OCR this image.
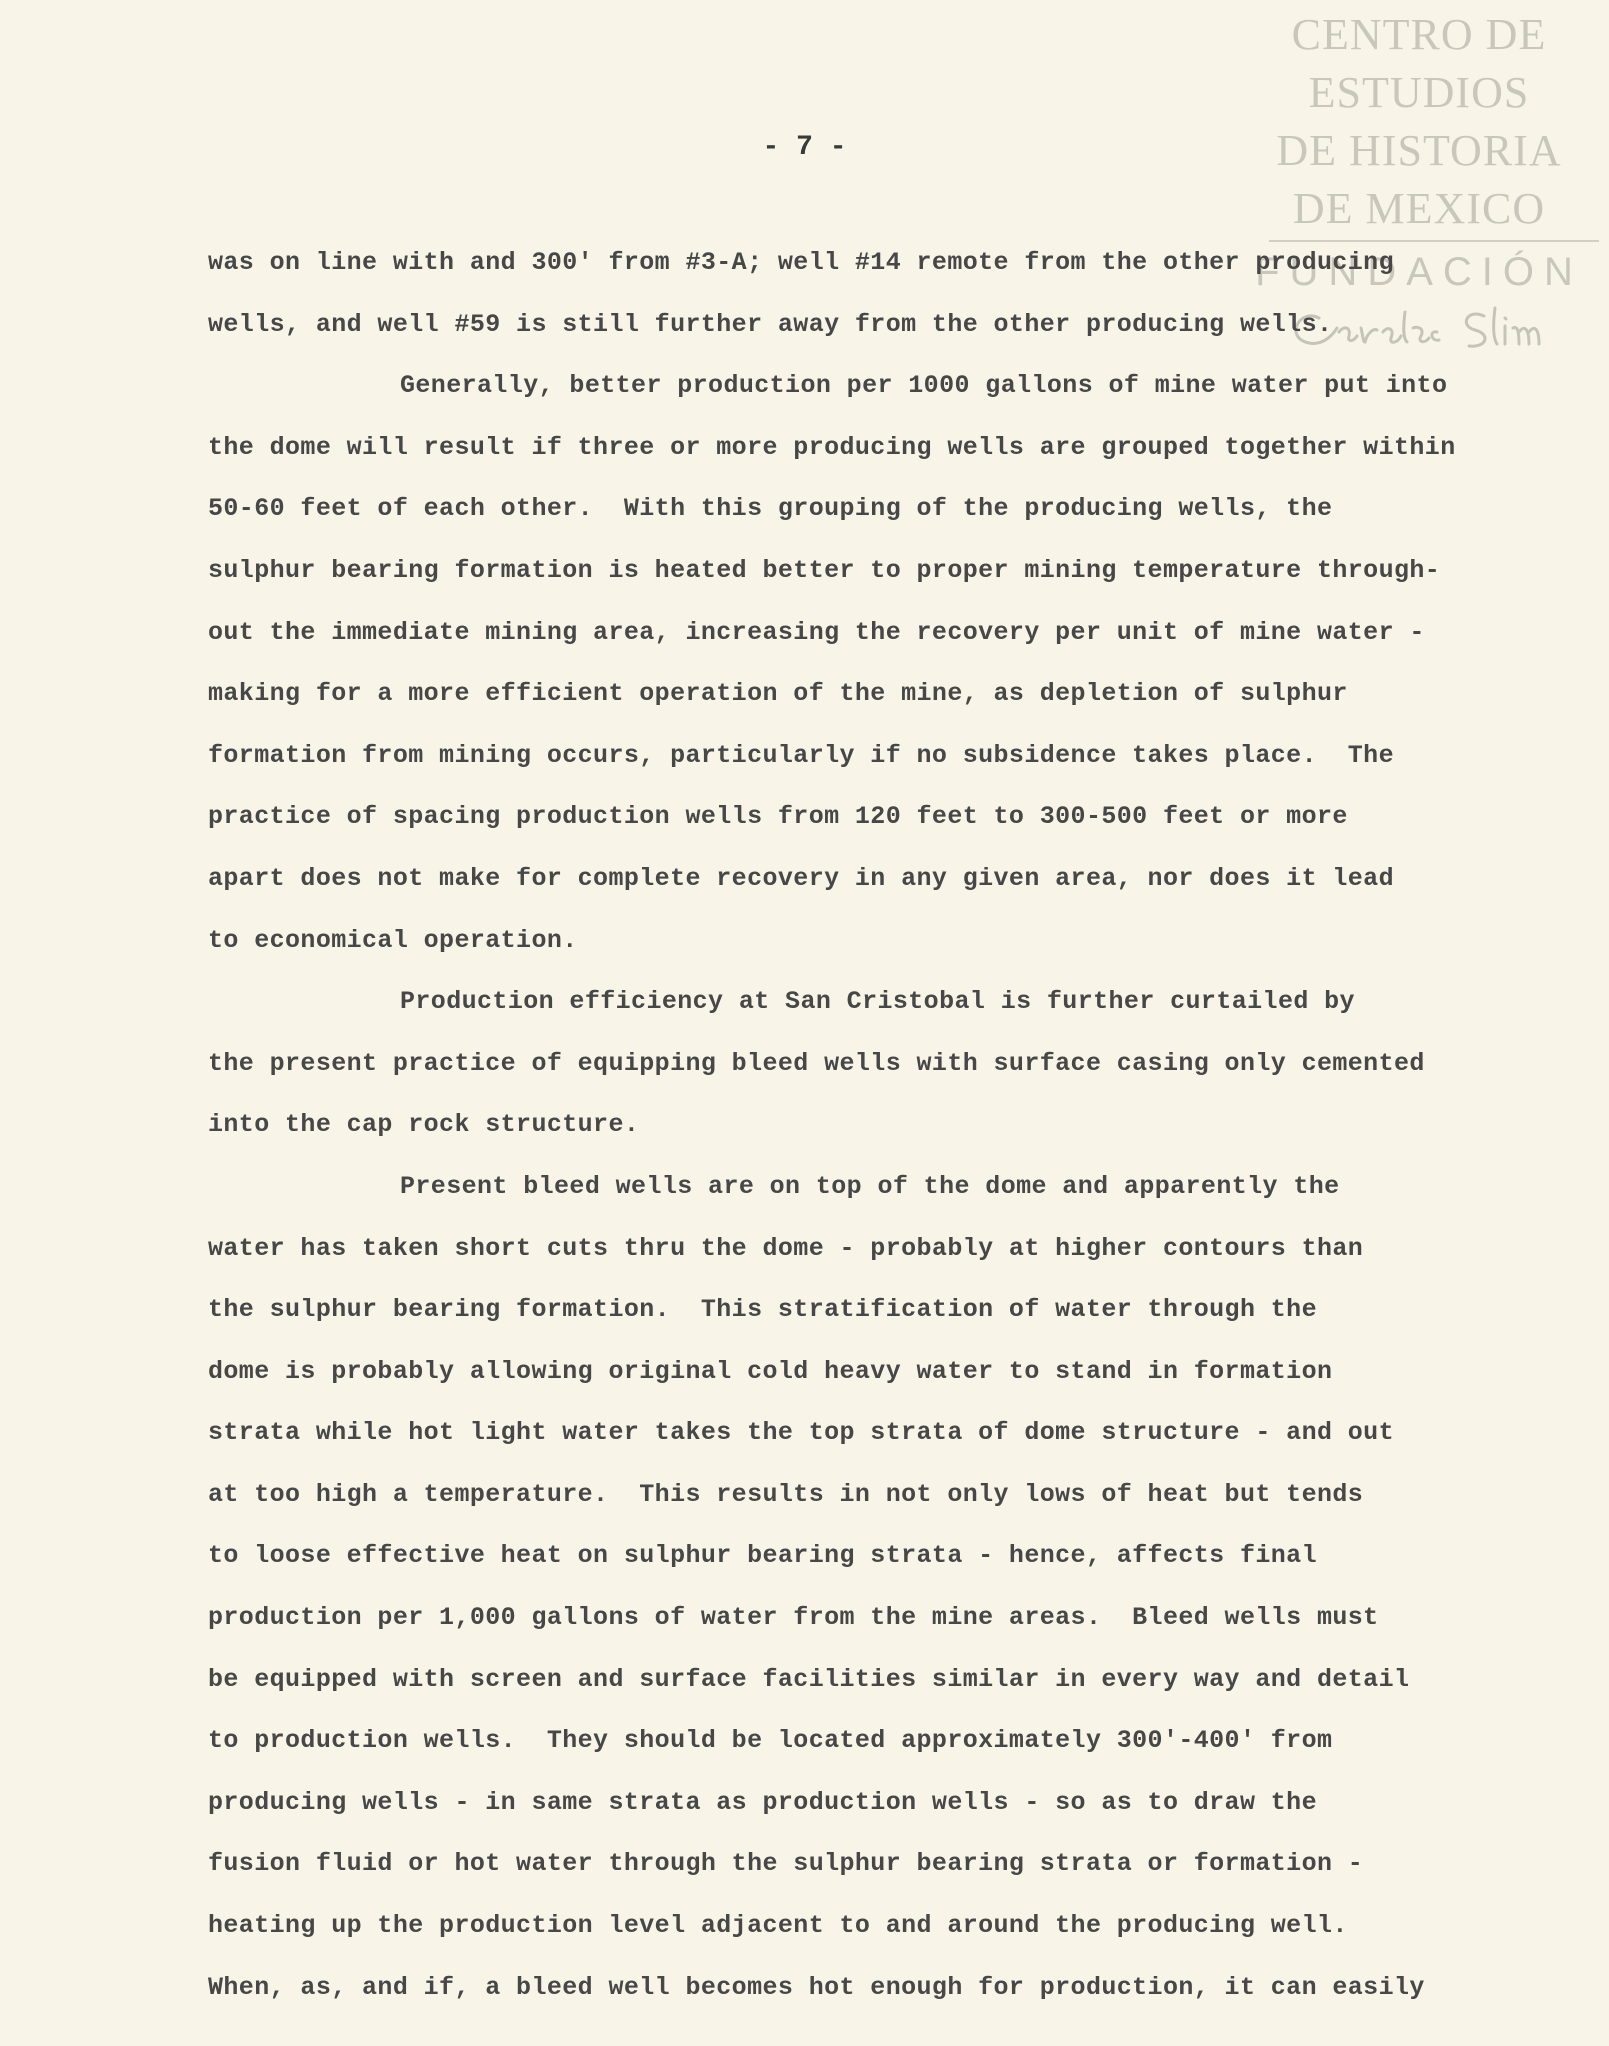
CENTRO DE
ESTUDIOS
DE HISTORIA
DE MEXICO
FUNDACIÓN
- 7 -
was on line with and 300' from #3-A; well #14 remote from the other producing
wells, and well #59 is still further away from the other producing wells.
Generally, better production per 1000 gallons of mine water put into
the dome will result if three or more producing wells are grouped together within
50-60 feet of each other.  With this grouping of the producing wells, the
sulphur bearing formation is heated better to proper mining temperature through-
out the immediate mining area, increasing the recovery per unit of mine water -
making for a more efficient operation of the mine, as depletion of sulphur
formation from mining occurs, particularly if no subsidence takes place.  The
practice of spacing production wells from 120 feet to 300-500 feet or more
apart does not make for complete recovery in any given area, nor does it lead
to economical operation.
Production efficiency at San Cristobal is further curtailed by
the present practice of equipping bleed wells with surface casing only cemented
into the cap rock structure.
Present bleed wells are on top of the dome and apparently the
water has taken short cuts thru the dome - probably at higher contours than
the sulphur bearing formation.  This stratification of water through the
dome is probably allowing original cold heavy water to stand in formation
strata while hot light water takes the top strata of dome structure - and out
at too high a temperature.  This results in not only lows of heat but tends
to loose effective heat on sulphur bearing strata - hence, affects final
production per 1,000 gallons of water from the mine areas.  Bleed wells must
be equipped with screen and surface facilities similar in every way and detail
to production wells.  They should be located approximately 300'-400' from
producing wells - in same strata as production wells - so as to draw the
fusion fluid or hot water through the sulphur bearing strata or formation -
heating up the production level adjacent to and around the producing well.
When, as, and if, a bleed well becomes hot enough for production, it can easily
